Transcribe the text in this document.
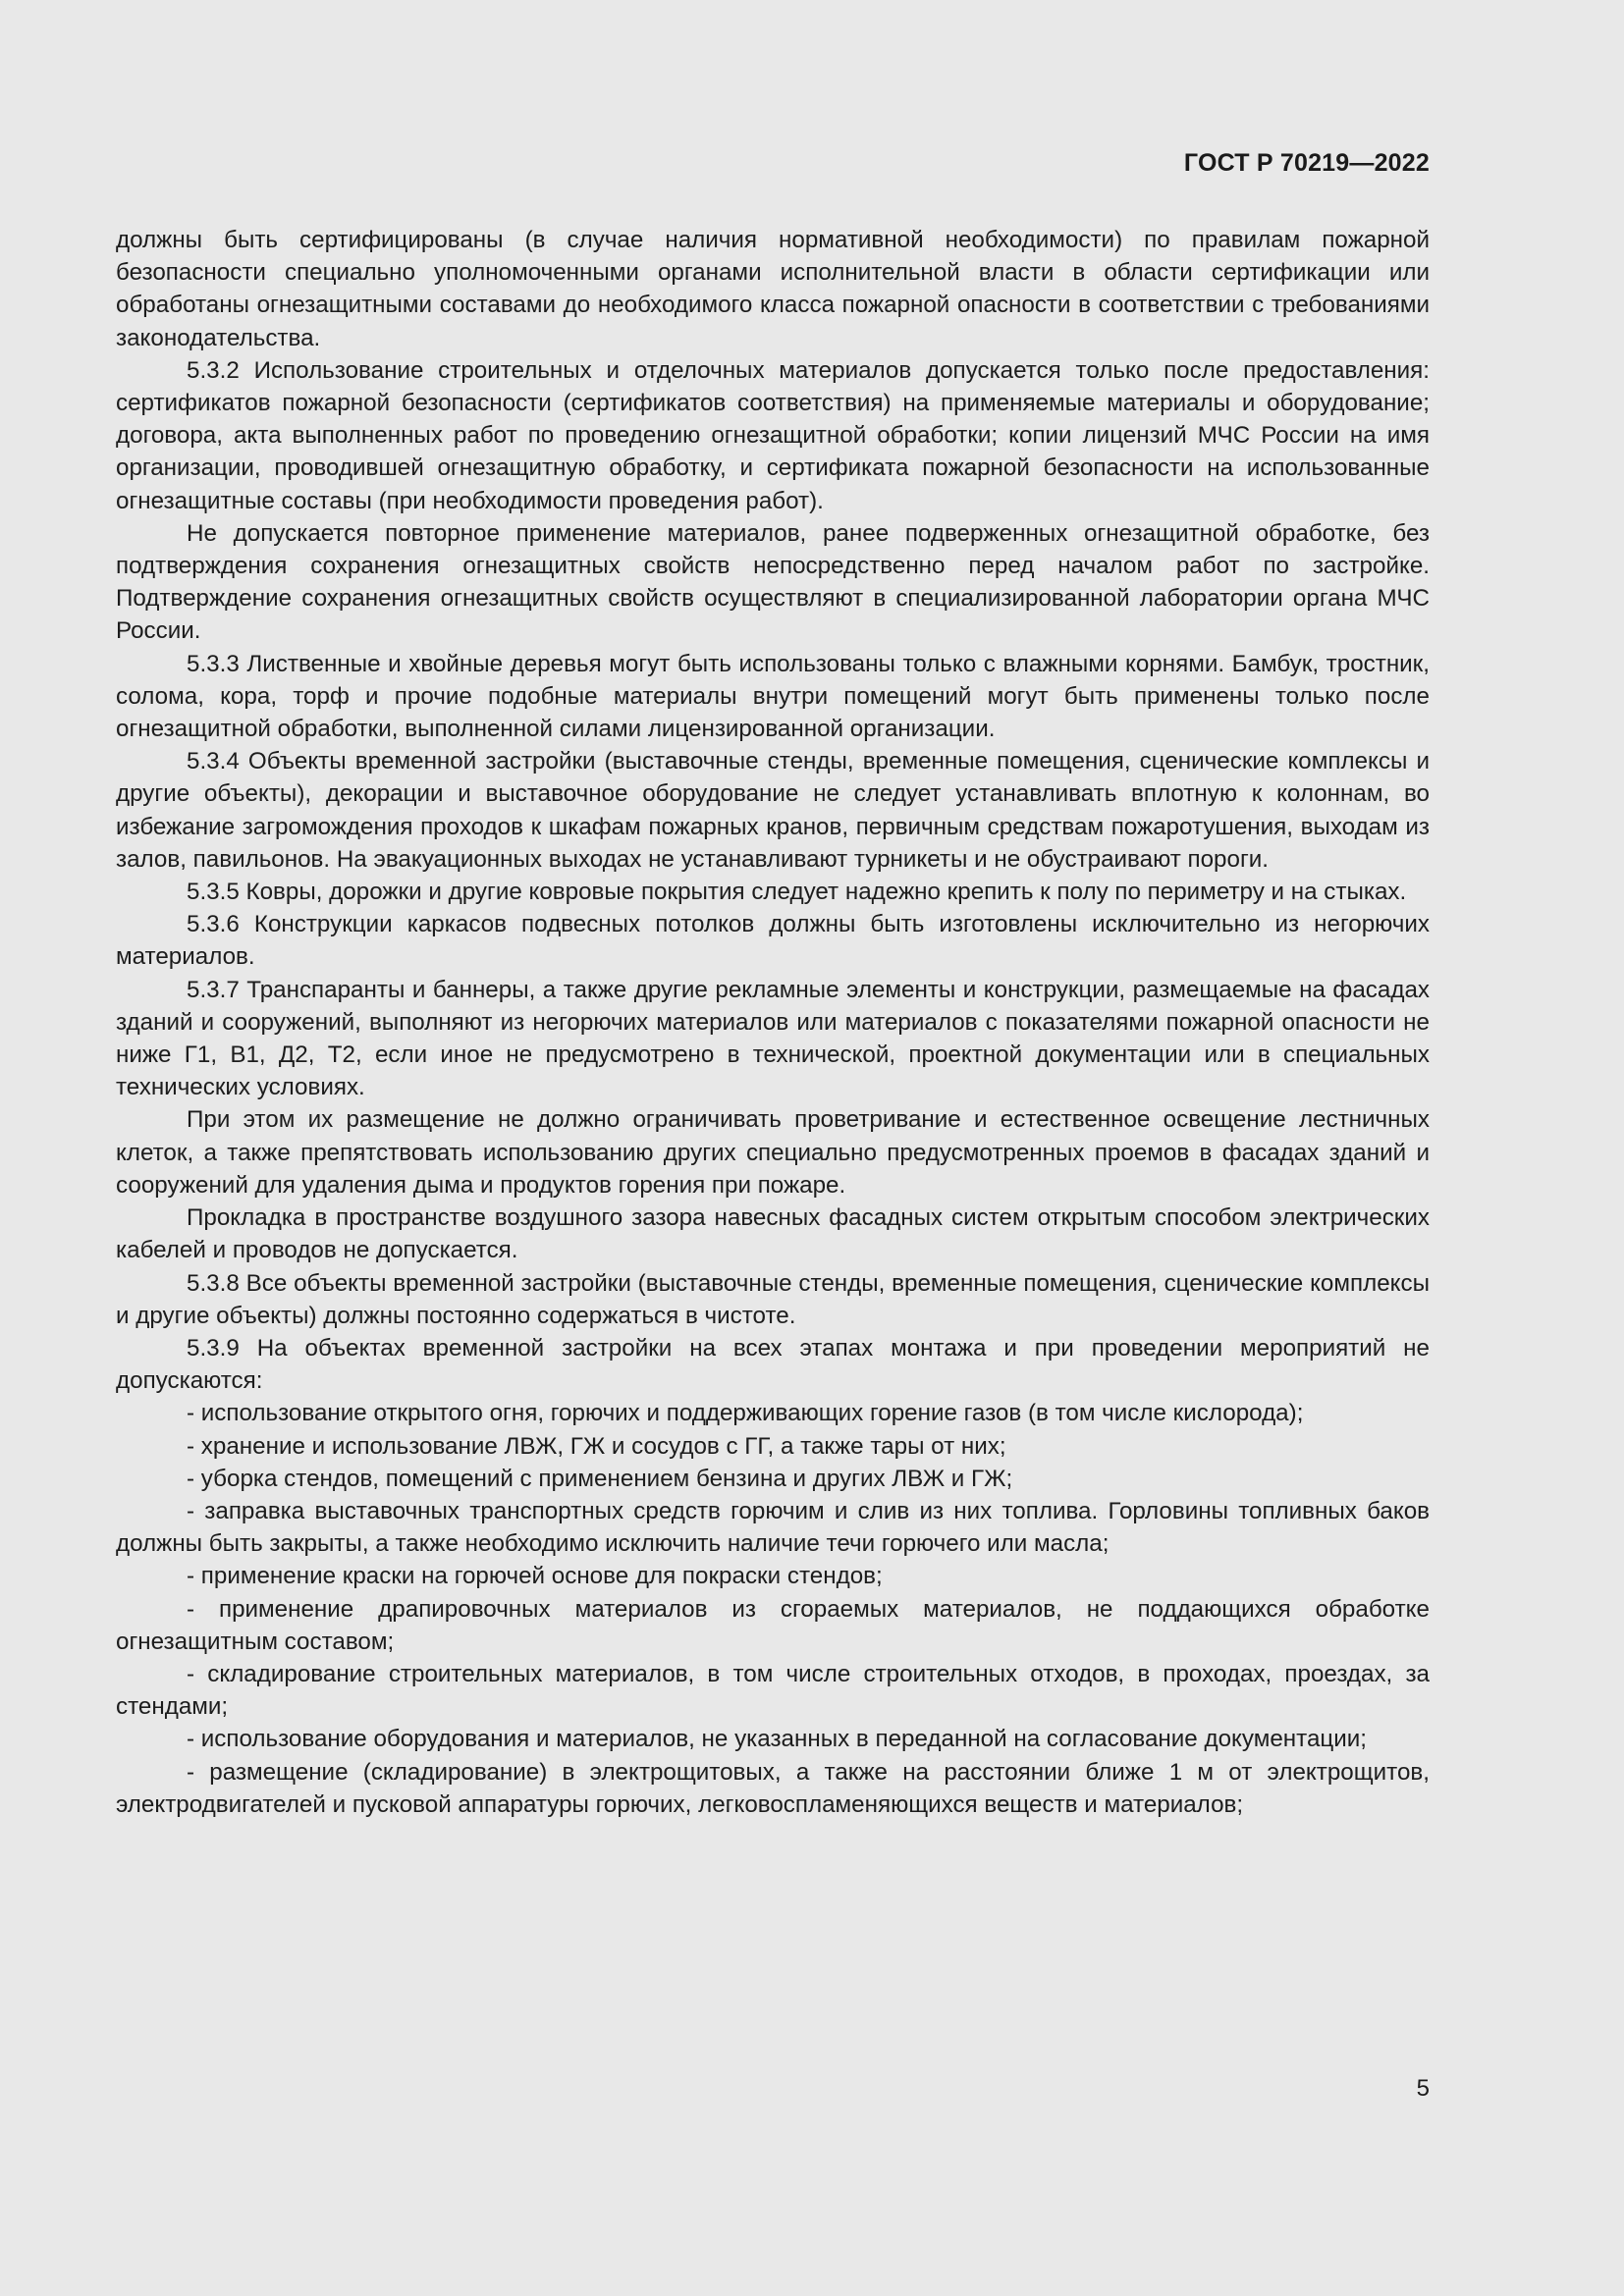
ГОСТ Р 70219—2022

должны быть сертифицированы (в случае наличия нормативной необходимости) по правилам пожарной безопасности специально уполномоченными органами исполнительной власти в области сертификации или обработаны огнезащитными составами до необходимого класса пожарной опасности в соответствии с требованиями законодательства.

5.3.2 Использование строительных и отделочных материалов допускается только после предоставления: сертификатов пожарной безопасности (сертификатов соответствия) на применяемые материалы и оборудование; договора, акта выполненных работ по проведению огнезащитной обработки; копии лицензий МЧС России на имя организации, проводившей огнезащитную обработку, и сертификата пожарной безопасности на использованные огнезащитные составы (при необходимости проведения работ).

Не допускается повторное применение материалов, ранее подверженных огнезащитной обработке, без подтверждения сохранения огнезащитных свойств непосредственно перед началом работ по застройке. Подтверждение сохранения огнезащитных свойств осуществляют в специализированной лаборатории органа МЧС России.

5.3.3 Лиственные и хвойные деревья могут быть использованы только с влажными корнями. Бамбук, тростник, солома, кора, торф и прочие подобные материалы внутри помещений могут быть применены только после огнезащитной обработки, выполненной силами лицензированной организации.

5.3.4 Объекты временной застройки (выставочные стенды, временные помещения, сценические комплексы и другие объекты), декорации и выставочное оборудование не следует устанавливать вплотную к колоннам, во избежание загромождения проходов к шкафам пожарных кранов, первичным средствам пожаротушения, выходам из залов, павильонов. На эвакуационных выходах не устанавливают турникеты и не обустраивают пороги.

5.3.5 Ковры, дорожки и другие ковровые покрытия следует надежно крепить к полу по периметру и на стыках.

5.3.6 Конструкции каркасов подвесных потолков должны быть изготовлены исключительно из негорючих материалов.

5.3.7 Транспаранты и баннеры, а также другие рекламные элементы и конструкции, размещаемые на фасадах зданий и сооружений, выполняют из негорючих материалов или материалов с показателями пожарной опасности не ниже Г1, В1, Д2, Т2, если иное не предусмотрено в технической, проектной документации или в специальных технических условиях.

При этом их размещение не должно ограничивать проветривание и естественное освещение лестничных клеток, а также препятствовать использованию других специально предусмотренных проемов в фасадах зданий и сооружений для удаления дыма и продуктов горения при пожаре.

Прокладка в пространстве воздушного зазора навесных фасадных систем открытым способом электрических кабелей и проводов не допускается.

5.3.8 Все объекты временной застройки (выставочные стенды, временные помещения, сценические комплексы и другие объекты) должны постоянно содержаться в чистоте.

5.3.9 На объектах временной застройки на всех этапах монтажа и при проведении мероприятий не допускаются:

- использование открытого огня, горючих и поддерживающих горение газов (в том числе кислорода);

- хранение и использование ЛВЖ, ГЖ и сосудов с ГГ, а также тары от них;

- уборка стендов, помещений с применением бензина и других ЛВЖ и ГЖ;

- заправка выставочных транспортных средств горючим и слив из них топлива. Горловины топливных баков должны быть закрыты, а также необходимо исключить наличие течи горючего или масла;

- применение краски на горючей основе для покраски стендов;

- применение драпировочных материалов из сгораемых материалов, не поддающихся обработке огнезащитным составом;

- складирование строительных материалов, в том числе строительных отходов, в проходах, проездах, за стендами;

- использование оборудования и материалов, не указанных в переданной на согласование документации;

- размещение (складирование) в электрощитовых, а также на расстоянии ближе 1 м от электрощитов, электродвигателей и пусковой аппаратуры горючих, легковоспламеняющихся веществ и материалов;

5
